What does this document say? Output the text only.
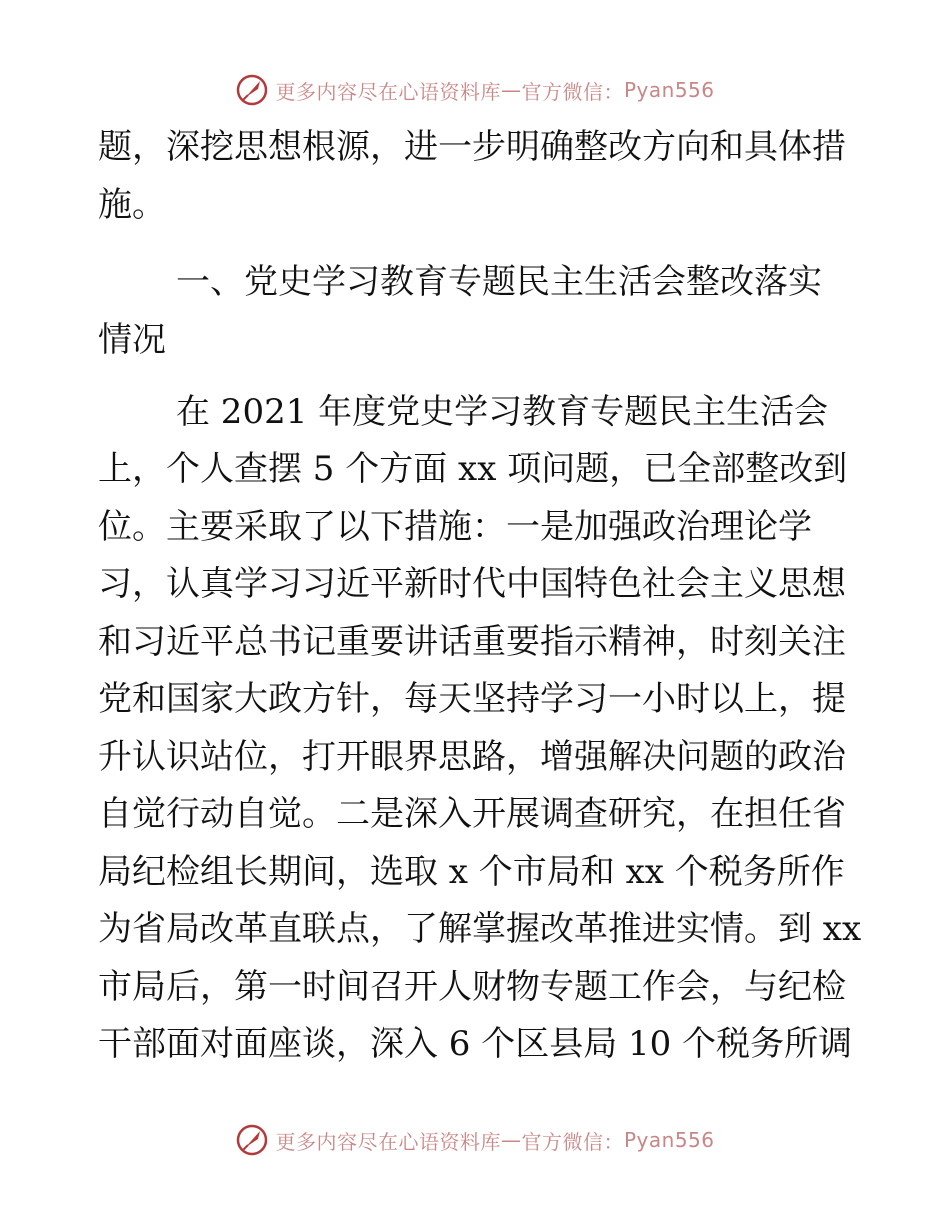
更多内容尽在心语资料库 — 官方微信： Pyan556
题，深挖思想根源，进一步明确整改方向和具体措
施。
一、党史学习教育专题民主生活会整改落实
情况
在 2021 年度党史学习教育专题民主生活会
上，个人查摆 5 个方面 xx 项问题，已全部整改到
位。主要采取了以下措施：一是加强政治理论学
习，认真学习习近平新时代中国特色社会主义思想
和习近平总书记重要讲话重要指示精神，时刻关注
党和国家大政方针，每天坚持学习一小时以上，提
升认识站位，打开眼界思路，增强解决问题的政治
自觉行动自觉。二是深入开展调查研究，在担任省
局纪检组长期间，选取 x 个市局和 xx 个税务所作
为省局改革直联点，了解掌握改革推进实情。到 xx
市局后，第一时间召开人财物专题工作会，与纪检
干部面对面座谈，深入 6 个区县局 10 个税务所调
更多内容尽在心语资料库 — 官方微信： Pyan556
